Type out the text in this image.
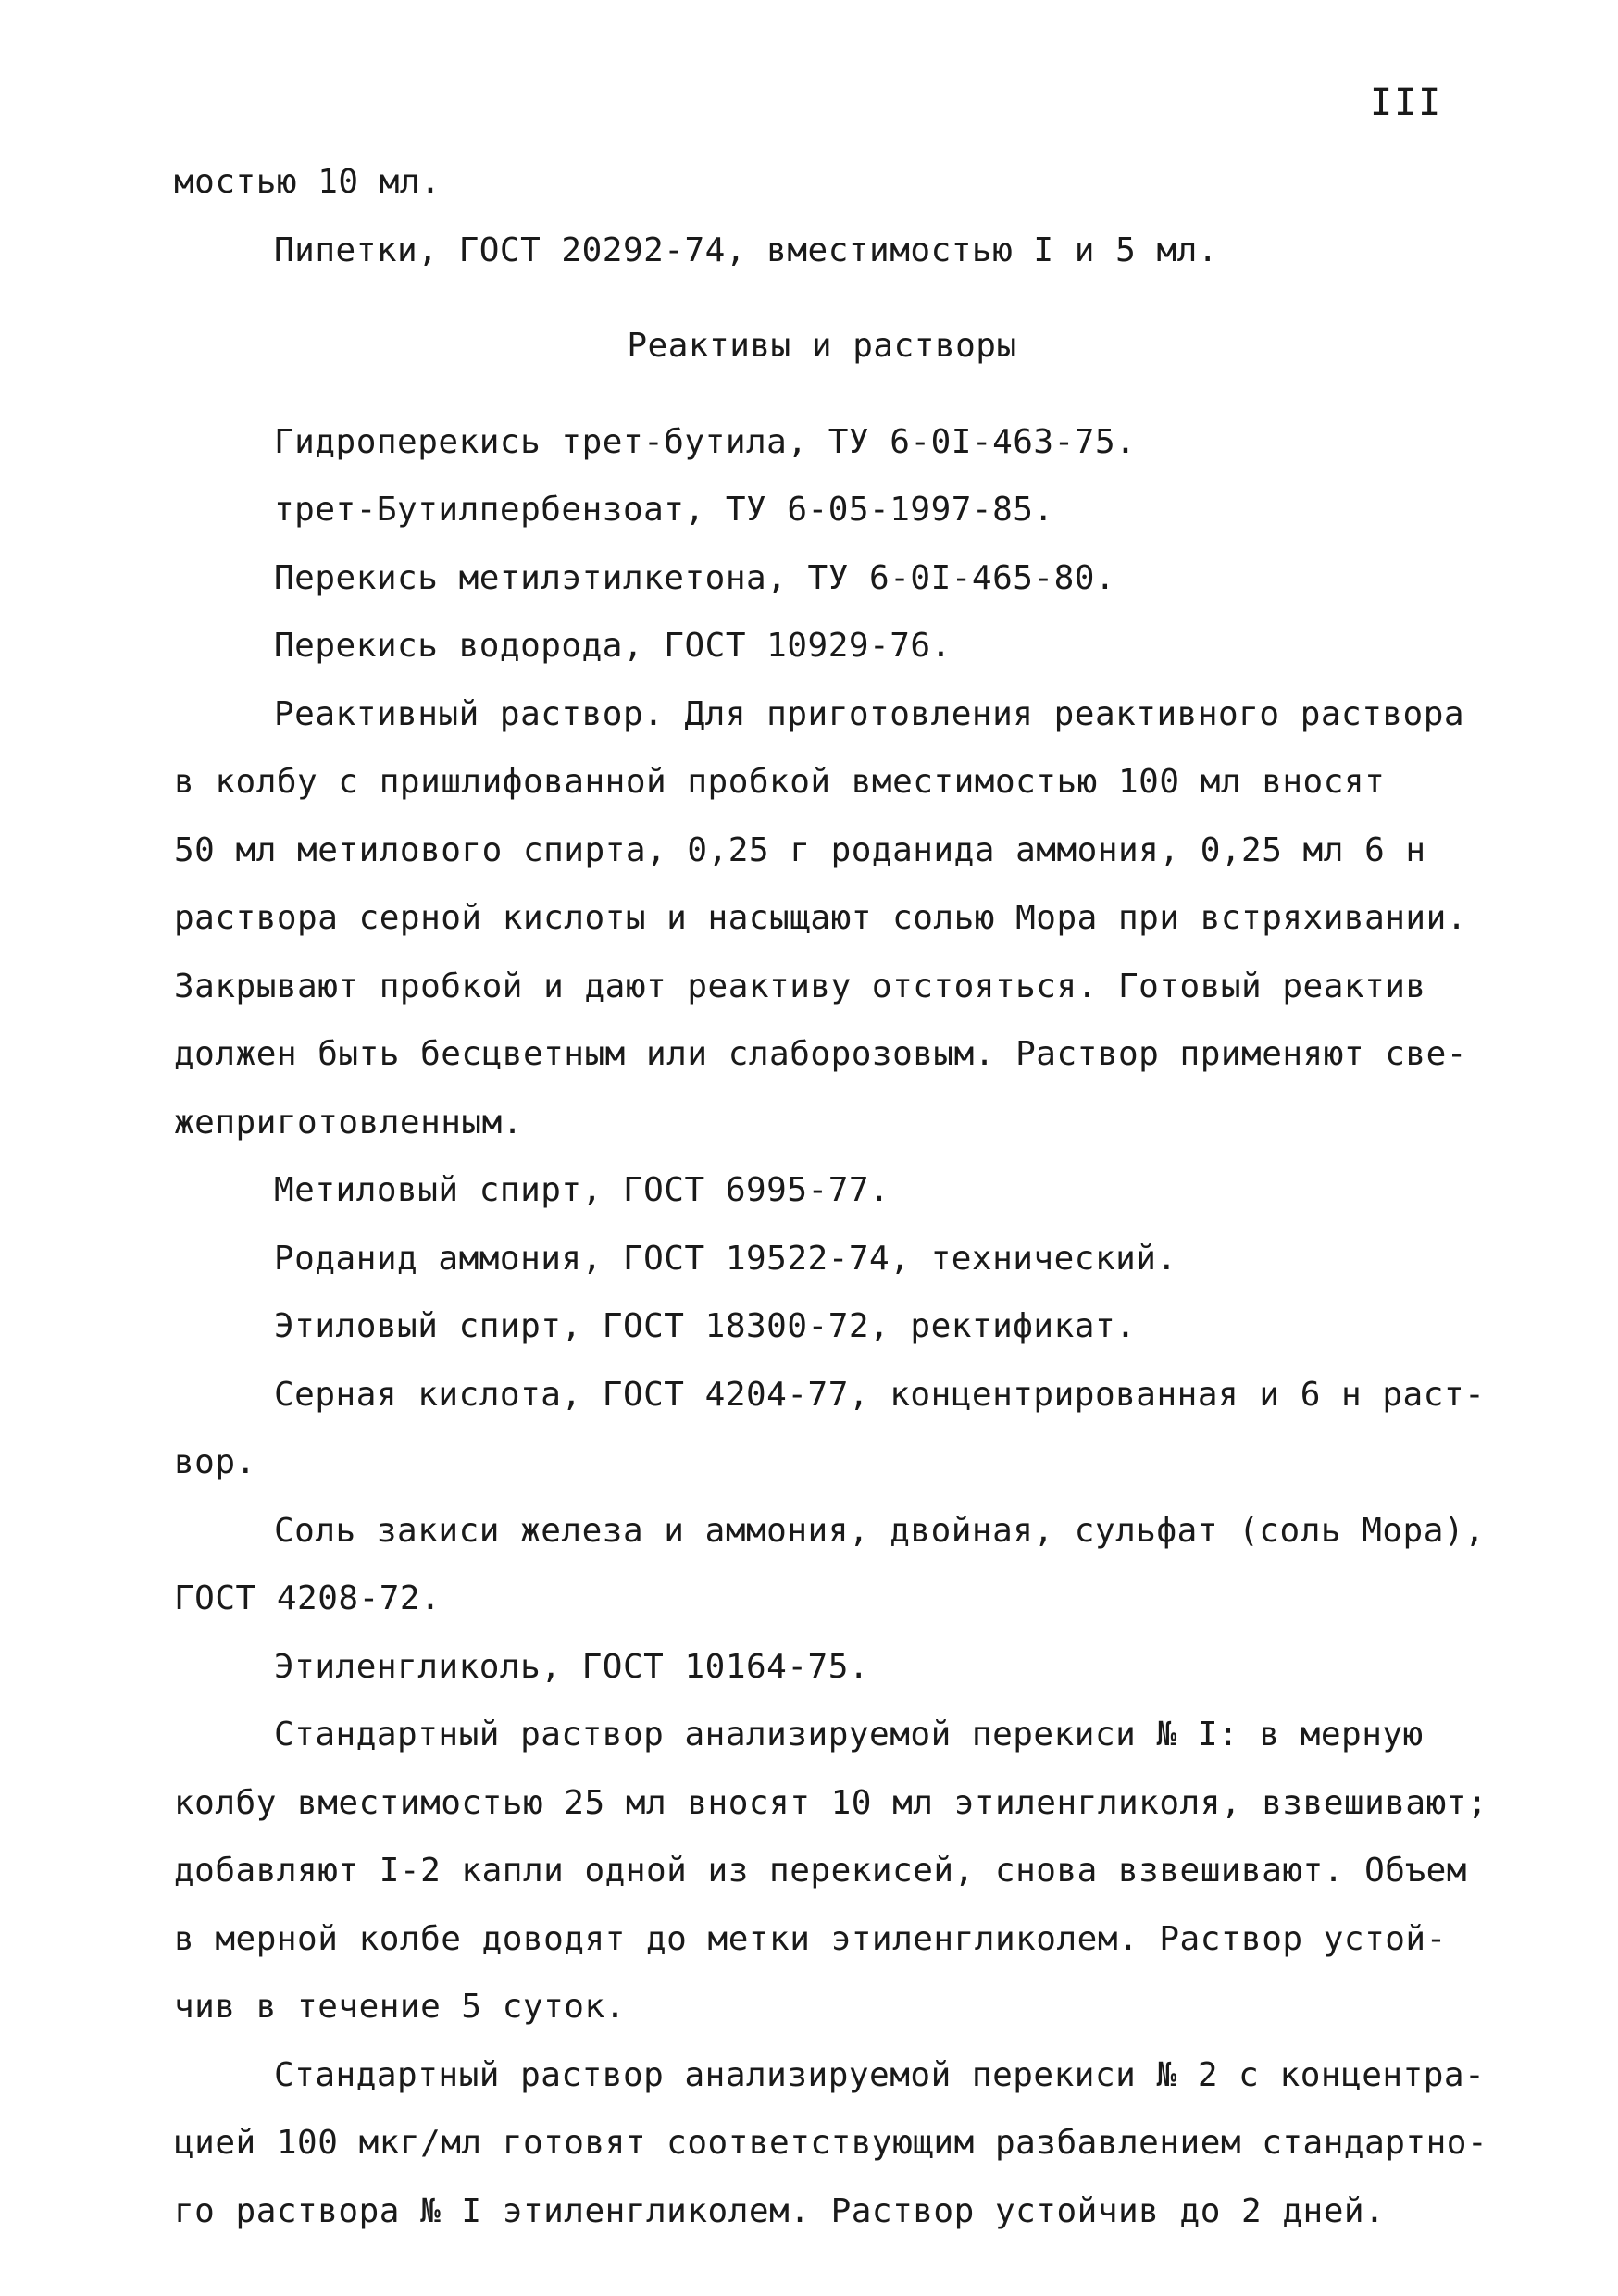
III
мостью 10 мл.
Пипетки, ГОСТ 20292-74, вместимостью I и 5 мл.
Реактивы и растворы
Гидроперекись трет-бутила, ТУ 6-0I-463-75.
трет-Бутилпербензоат, ТУ 6-05-1997-85.
Перекись метилэтилкетона, ТУ 6-0I-465-80.
Перекись водорода, ГОСТ 10929-76.
Реактивный раствор. Для приготовления реактивного раствора
в колбу с пришлифованной пробкой вместимостью 100 мл вносят
50 мл метилового спирта, 0,25 г роданида аммония, 0,25 мл 6 н
раствора серной кислоты и насыщают солью Мора при встряхивании.
Закрывают пробкой и дают реактиву отстояться. Готовый реактив
должен быть бесцветным или слаборозовым. Раствор применяют све-
жеприготовленным.
Метиловый спирт, ГОСТ 6995-77.
Роданид аммония, ГОСТ 19522-74, технический.
Этиловый спирт, ГОСТ 18300-72, ректификат.
Серная кислота, ГОСТ 4204-77, концентрированная и 6 н раст-
вор.
Соль закиси железа и аммония, двойная, сульфат (соль Мора),
ГОСТ 4208-72.
Этиленгликоль, ГОСТ 10164-75.
Стандартный раствор анализируемой перекиси № I: в мерную
колбу вместимостью 25 мл вносят 10 мл этиленгликоля, взвешивают;
добавляют I-2 капли одной из перекисей, снова взвешивают. Объем
в мерной колбе доводят до метки этиленгликолем. Раствор устой-
чив в течение 5 суток.
Стандартный раствор анализируемой перекиси № 2 с концентра-
цией 100 мкг/мл готовят соответствующим разбавлением стандартно-
го раствора № I этиленгликолем. Раствор устойчив до 2 дней.
